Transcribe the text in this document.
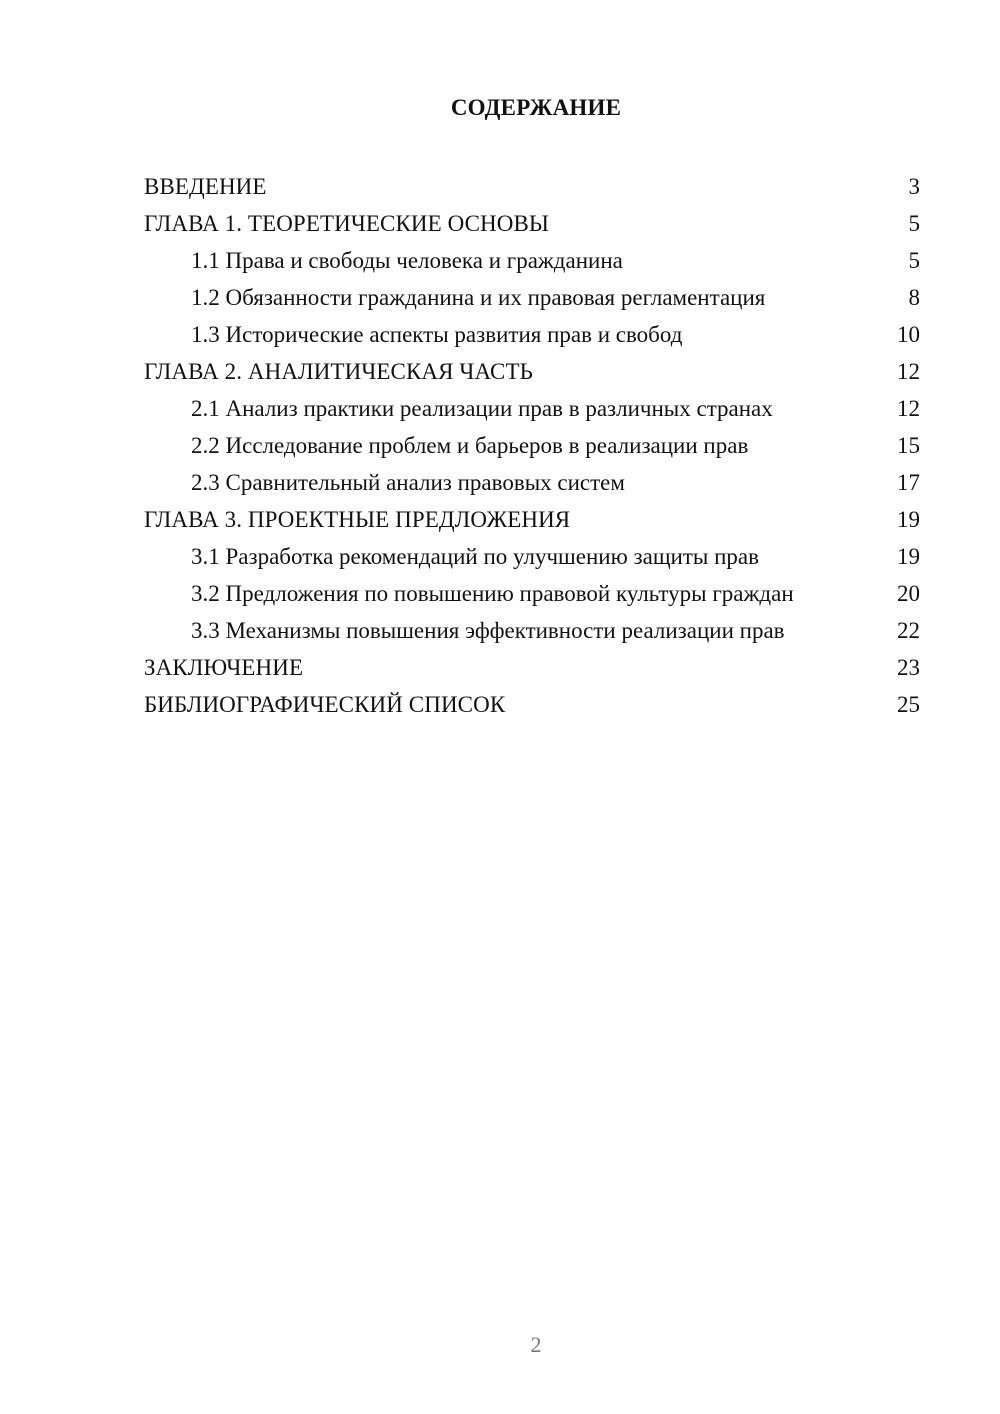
СОДЕРЖАНИЕ
ВВЕДЕНИЕ	3
ГЛАВА 1. ТЕОРЕТИЧЕСКИЕ ОСНОВЫ	5
1.1 Права и свободы человека и гражданина	5
1.2 Обязанности гражданина и их правовая регламентация	8
1.3 Исторические аспекты развития прав и свобод	10
ГЛАВА 2. АНАЛИТИЧЕСКАЯ ЧАСТЬ	12
2.1 Анализ практики реализации прав в различных странах	12
2.2 Исследование проблем и барьеров в реализации прав	15
2.3 Сравнительный анализ правовых систем	17
ГЛАВА 3. ПРОЕКТНЫЕ ПРЕДЛОЖЕНИЯ	19
3.1 Разработка рекомендаций по улучшению защиты прав	19
3.2 Предложения по повышению правовой культуры граждан	20
3.3 Механизмы повышения эффективности реализации прав	22
ЗАКЛЮЧЕНИЕ	23
БИБЛИОГРАФИЧЕСКИЙ СПИСОК	25
2
